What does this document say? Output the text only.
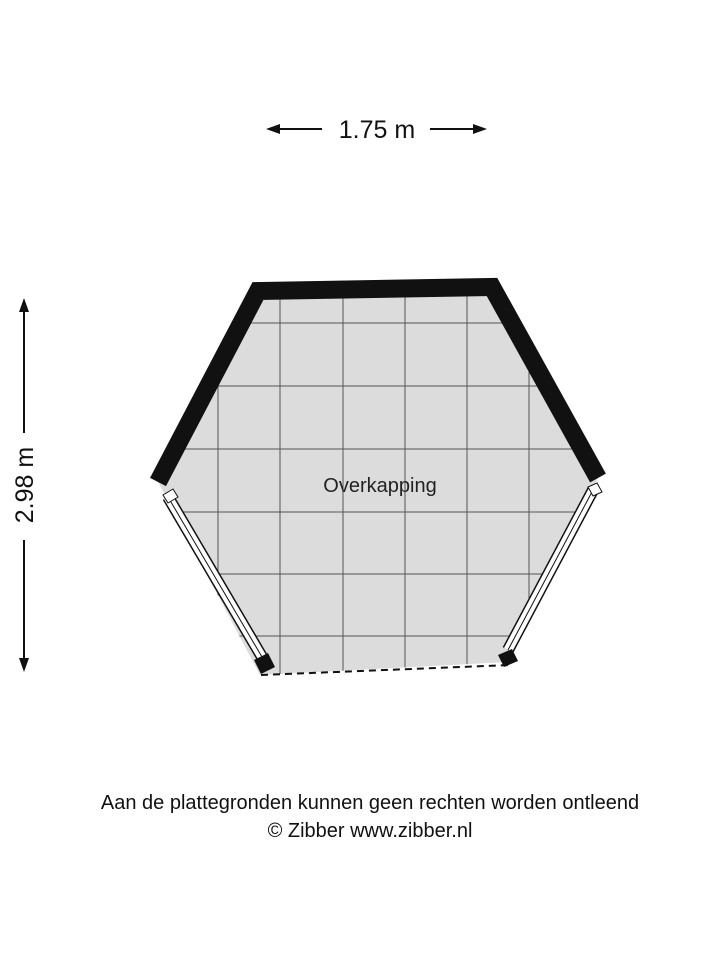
1.75 m
2.98 m	Overkapping
Aan de plattegronden kunnen geen rechten worden ontleend
© Zibber www.zibber.nl
